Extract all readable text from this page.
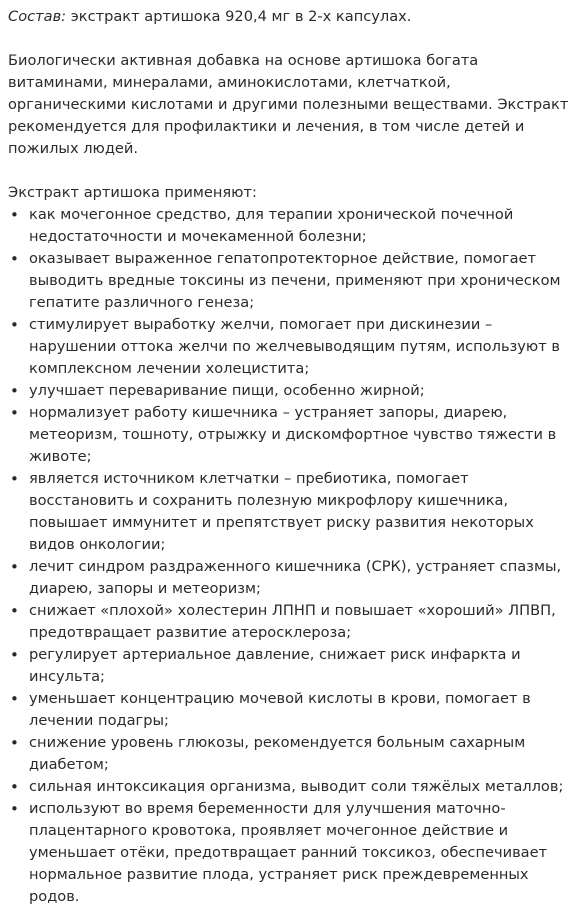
Состав: экстракт артишока 920,4 мг в 2-х капсулах.

Биологически активная добавка на основе артишока богата витаминами, минералами, аминокислотами, клетчаткой, органическими кислотами и другими полезными веществами. Экстракт рекомендуется для профилактики и лечения, в том числе детей и пожилых людей.

Экстракт артишока применяют:

• как мочегонное средство, для терапии хронической почечной недостаточности и мочекаменной болезни;
• оказывает выраженное гепатопротекторное действие, помогает выводить вредные токсины из печени, применяют при хроническом гепатите различного генеза;
• стимулирует выработку желчи, помогает при дискинезии – нарушении оттока желчи по желчевыводящим путям, используют в комплексном лечении холецистита;
• улучшает переваривание пищи, особенно жирной;
• нормализует работу кишечника – устраняет запоры, диарею, метеоризм, тошноту, отрыжку и дискомфортное чувство тяжести в животе;
• является источником клетчатки – пребиотика, помогает восстановить и сохранить полезную микрофлору кишечника, повышает иммунитет и препятствует риску развития некоторых видов онкологии;
• лечит синдром раздраженного кишечника (СРК), устраняет спазмы, диарею, запоры и метеоризм;
• снижает «плохой» холестерин ЛПНП и повышает «хороший» ЛПВП, предотвращает развитие атеросклероза;
• регулирует артериальное давление, снижает риск инфаркта и инсульта;
• уменьшает концентрацию мочевой кислоты в крови, помогает в лечении подагры;
• снижение уровень глюкозы, рекомендуется больным сахарным диабетом;
• сильная интоксикация организма, выводит соли тяжёлых металлов;
• используют во время беременности для улучшения маточно-плацентарного кровотока, проявляет мочегонное действие и уменьшает отёки, предотвращает ранний токсикоз, обеспечивает нормальное развитие плода, устраняет риск преждевременных родов.
